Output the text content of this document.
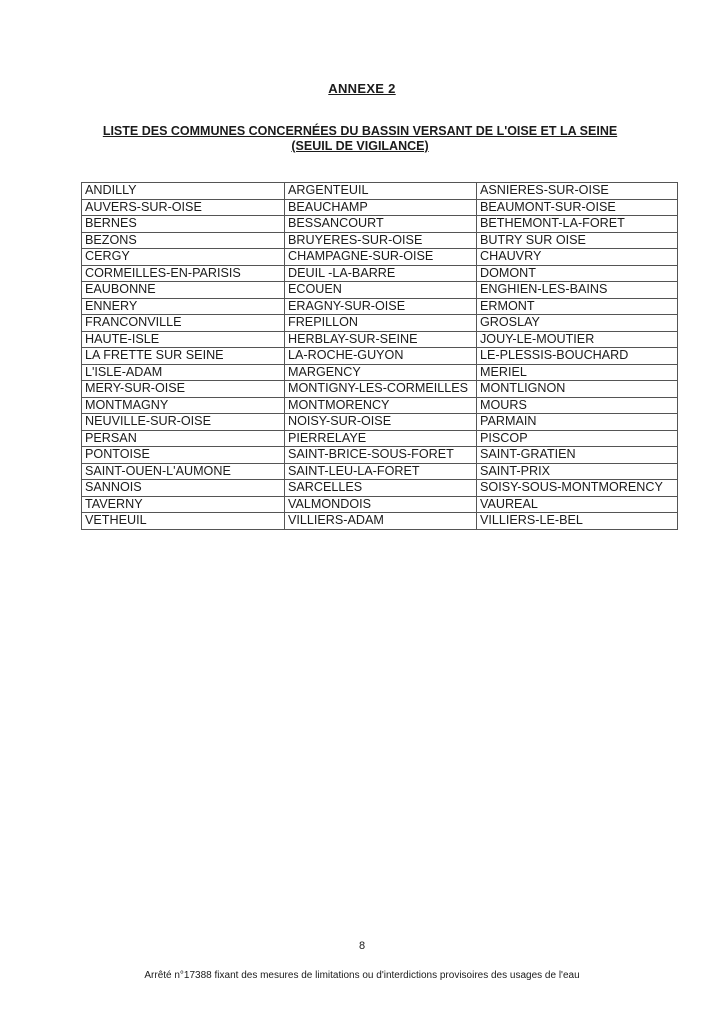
ANNEXE 2
LISTE DES COMMUNES CONCERNÉES DU BASSIN VERSANT DE L'OISE ET LA SEINE
(SEUIL DE VIGILANCE)
ANDILLY	ARGENTEUIL	ASNIERES-SUR-OISE
AUVERS-SUR-OISE	BEAUCHAMP	BEAUMONT-SUR-OISE
BERNES	BESSANCOURT	BETHEMONT-LA-FORET
BEZONS	BRUYERES-SUR-OISE	BUTRY SUR OISE
CERGY	CHAMPAGNE-SUR-OISE	CHAUVRY
CORMEILLES-EN-PARISIS	DEUIL -LA-BARRE	DOMONT
EAUBONNE	ECOUEN	ENGHIEN-LES-BAINS
ENNERY	ERAGNY-SUR-OISE	ERMONT
FRANCONVILLE	FREPILLON	GROSLAY
HAUTE-ISLE	HERBLAY-SUR-SEINE	JOUY-LE-MOUTIER
LA FRETTE SUR SEINE	LA-ROCHE-GUYON	LE-PLESSIS-BOUCHARD
L'ISLE-ADAM	MARGENCY	MERIEL
MERY-SUR-OISE	MONTIGNY-LES-CORMEILLES	MONTLIGNON
MONTMAGNY	MONTMORENCY	MOURS
NEUVILLE-SUR-OISE	NOISY-SUR-OISE	PARMAIN
PERSAN	PIERRELAYE	PISCOP
PONTOISE	SAINT-BRICE-SOUS-FORET	SAINT-GRATIEN
SAINT-OUEN-L'AUMONE	SAINT-LEU-LA-FORET	SAINT-PRIX
SANNOIS	SARCELLES	SOISY-SOUS-MONTMORENCY
TAVERNY	VALMONDOIS	VAUREAL
VETHEUIL	VILLIERS-ADAM	VILLIERS-LE-BEL
8
Arrêté n°17388 fixant des mesures de limitations ou d'interdictions provisoires des usages de l'eau
